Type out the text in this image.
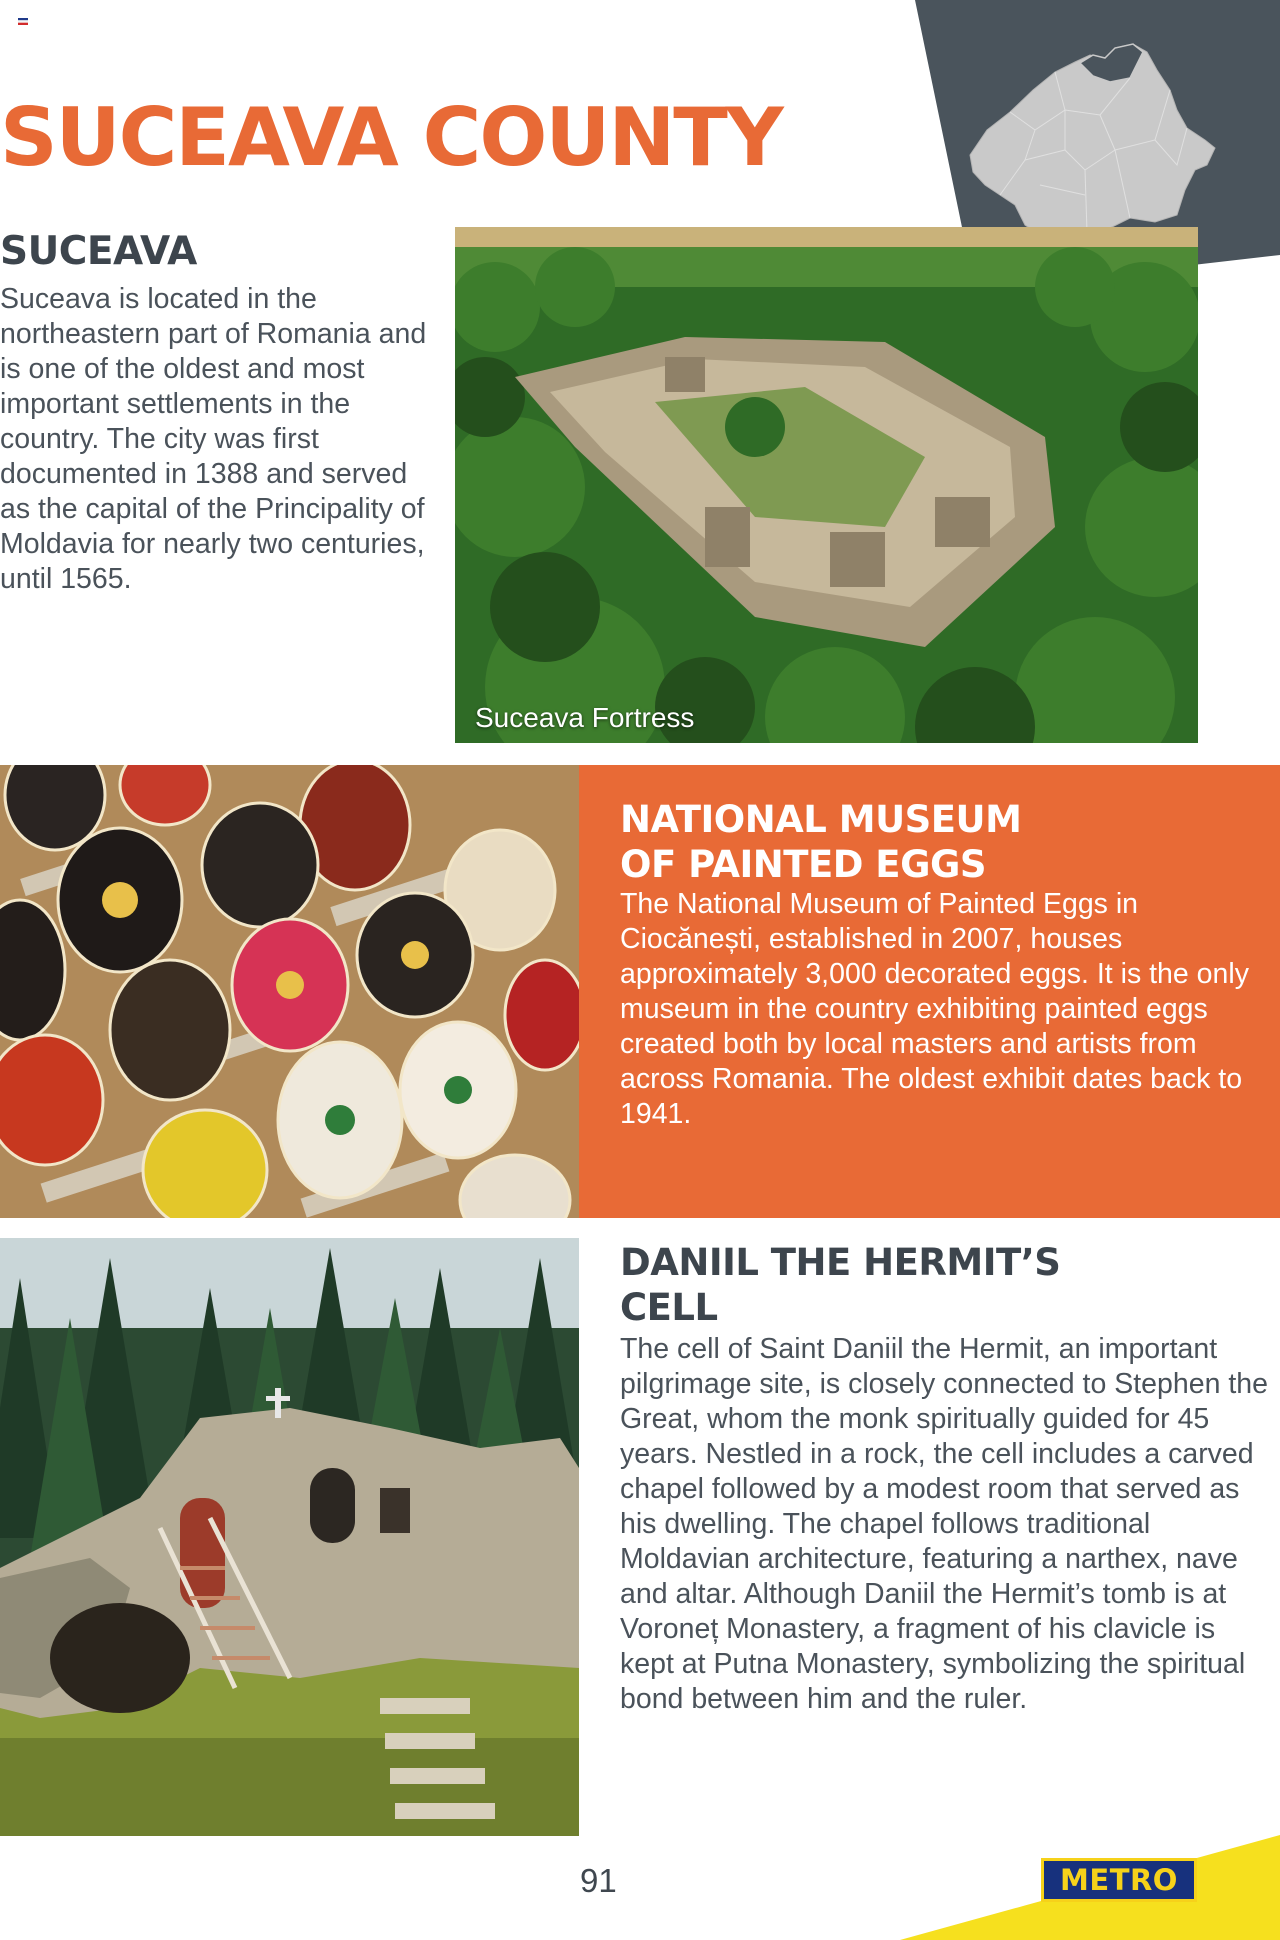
SUCEAVA COUNTY
SUCEAVA

Suceava is located in the northeastern part of Romania and is one of the oldest and most important settlements in the country. The city was first documented in 1388 and served as the capital of the Principality of Moldavia for nearly two centuries, until 1565.

Suceava Fortress
NATIONAL MUSEUM
OF PAINTED EGGS

The National Museum of Painted Eggs in Ciocănești, established in 2007, houses approximately 3,000 decorated eggs. It is the only museum in the country exhibiting painted eggs created both by local masters and artists from across Romania. The oldest exhibit dates back to 1941.

DANIIL THE HERMIT’S
CELL

The cell of Saint Daniil the Hermit, an important pilgrimage site, is closely connected to Stephen the Great, whom the monk spiritually guided for 45 years. Nestled in a rock, the cell includes a carved chapel followed by a modest room that served as his dwelling. The chapel follows traditional Moldavian architecture, featuring a narthex, nave and altar. Although Daniil the Hermit’s tomb is at Voroneț Monastery, a fragment of his clavicle is kept at Putna Monastery, symbolizing the spiritual bond between him and the ruler.

91	METRO
